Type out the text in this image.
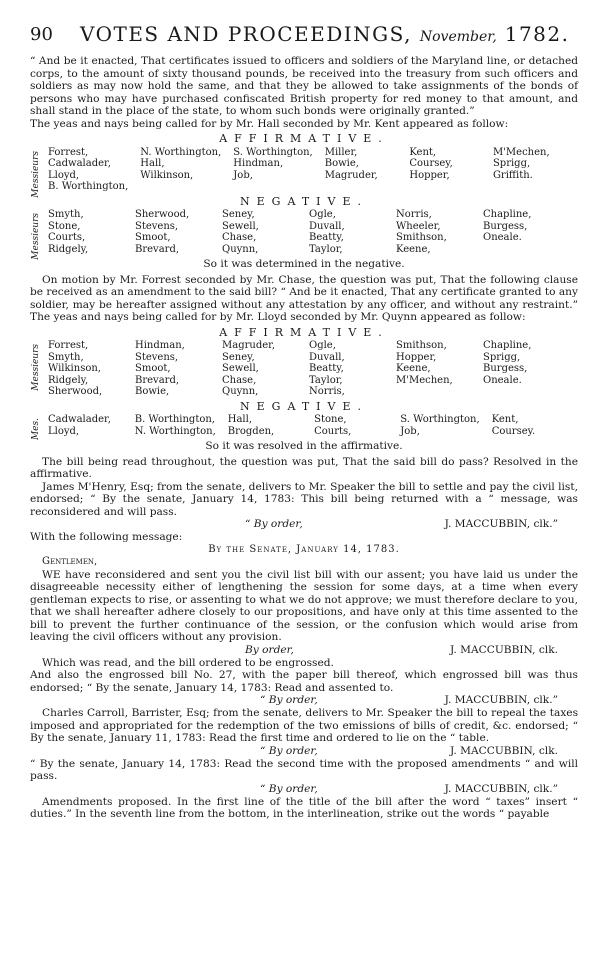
90 VOTES AND PROCEEDINGS, November, 1782.

“ And be it enacted, That certificates issued to officers and soldiers of the Maryland line, or detached corps, to the amount of sixty thousand pounds, be received into the treasury from such officers and soldiers as may now hold the same, and that they be allowed to take assignments of the bonds of persons who may have purchased confiscated British property for red money to that amount, and shall stand in the place of the state, to whom such bonds were originally granted.”

The yeas and nays being called for by Mr. Hall seconded by Mr. Kent appeared as follow:

AFFIRMATIVE.
Messieurs Forrest,	N. Worthington,	S. Worthington,	Miller,	Kent,	M'Mechen,
Cadwalader,	Hall,	Hindman,	Bowie,	Coursey,	Sprigg,
Lloyd,	Wilkinson,	Job,	Magruder,	Hopper,	Griffith.
B. Worthington,					
NEGATIVE.
Messieurs Smyth,	Sherwood,	Seney,	Ogle,	Norris,	Chapline,
Stone,	Stevens,	Sewell,	Duvall,	Wheeler,	Burgess,
Courts,	Smoot,	Chase,	Beatty,	Smithson,	Oneale.
Ridgely,	Brevard,	Quynn,	Taylor,	Keene,	

So it was determined in the negative.

On motion by Mr. Forrest seconded by Mr. Chase, the question was put, That the following clause be received as an amendment to the said bill? “ And be it enacted, That any certificate granted to any soldier, may be hereafter assigned without any attestation by any officer, and without any restraint.” The yeas and nays being called for by Mr. Lloyd seconded by Mr. Quynn appeared as follow:

AFFIRMATIVE.
Messieurs Forrest,	Hindman,	Magruder,	Ogle,	Smithson,	Chapline,
Smyth,	Stevens,	Seney,	Duvall,	Hopper,	Sprigg,
Wilkinson,	Smoot,	Sewell,	Beatty,	Keene,	Burgess,
Ridgely,	Brevard,	Chase,	Taylor,	M'Mechen,	Oneale.
Sherwood,	Bowie,	Quynn,	Norris,		
NEGATIVE.
Mes. Cadwalader,	B. Worthington,	Hall,	Stone,	S. Worthington,	Kent,
Lloyd,	N. Worthington,	Brogden,	Courts,	Job,	Coursey.

So it was resolved in the affirmative.

The bill being read throughout, the question was put, That the said bill do pass? Resolved in the affirmative.

James M'Henry, Esq; from the senate, delivers to Mr. Speaker the bill to settle and pay the civil list, endorsed; “ By the senate, January 14, 1783: This bill being returned with a “ message, was reconsidered and will pass.

“ By order,	J. MACCUBBIN, clk.”

With the following message:

By the Senate, January 14, 1783.

Gentlemen,

WE have reconsidered and sent you the civil list bill with our assent; you have laid us under the disagreeable necessity either of lengthening the session for some days, at a time when every gentleman expects to rise, or assenting to what we do not approve; we must therefore declare to you, that we shall hereafter adhere closely to our propositions, and have only at this time assented to the bill to prevent the further continuance of the session, or the confusion which would arise from leaving the civil officers without any provision.

By order,	J. MACCUBBIN, clk.

Which was read, and the bill ordered to be engrossed.

And also the engrossed bill No. 27, with the paper bill thereof, which engrossed bill was thus endorsed; “ By the senate, January 14, 1783: Read and assented to.

“ By order,	J. MACCUBBIN, clk.”

Charles Carroll, Barrister, Esq; from the senate, delivers to Mr. Speaker the bill to repeal the taxes imposed and appropriated for the redemption of the two emissions of bills of credit, &c. endorsed; “ By the senate, January 11, 1783: Read the first time and ordered to lie on the “ table.

“ By order,	J. MACCUBBIN, clk.

“ By the senate, January 14, 1783: Read the second time with the proposed amendments “ and will pass.

“ By order,	J. MACCUBBIN, clk.”

Amendments proposed. In the first line of the title of the bill after the word “ taxes” insert “ duties.” In the seventh line from the bottom, in the interlineation, strike out the words “ payable
